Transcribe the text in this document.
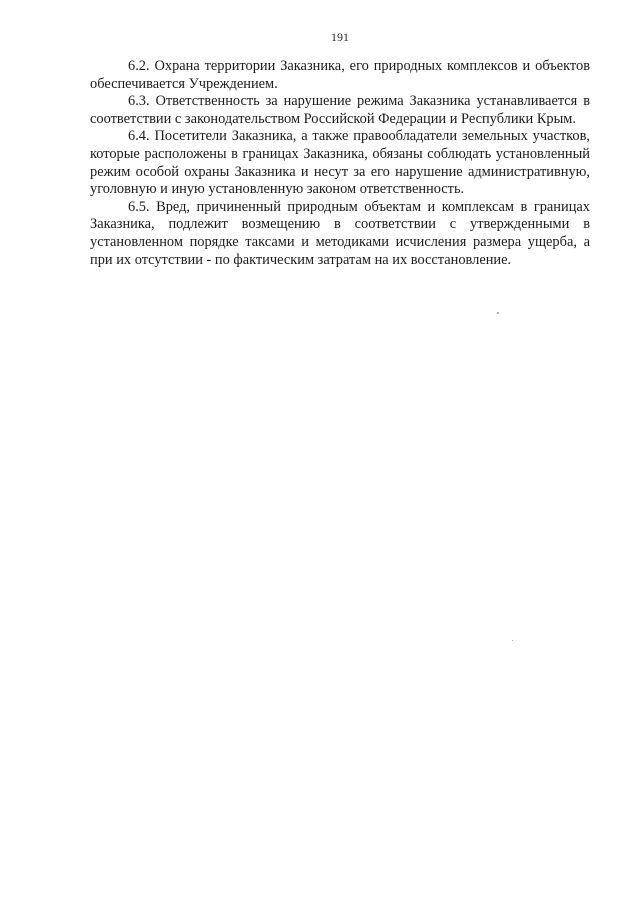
191

6.2. Охрана территории Заказника, его природных комплексов и объектов обеспечивается Учреждением.

6.3. Ответственность за нарушение режима Заказника устанавливается в соответствии с законодательством Российской Федерации и Республики Крым.

6.4. Посетители Заказника, а также правообладатели земельных участков, которые расположены в границах Заказника, обязаны соблюдать установленный режим особой охраны Заказника и несут за его нарушение административную, уголовную и иную установленную законом ответственность.

6.5. Вред, причиненный природным объектам и комплексам в границах Заказника, подлежит возмещению в соответствии с утвержденными в установленном порядке таксами и методиками исчисления размера ущерба, а при их отсутствии - по фактическим затратам на их восстановление.
